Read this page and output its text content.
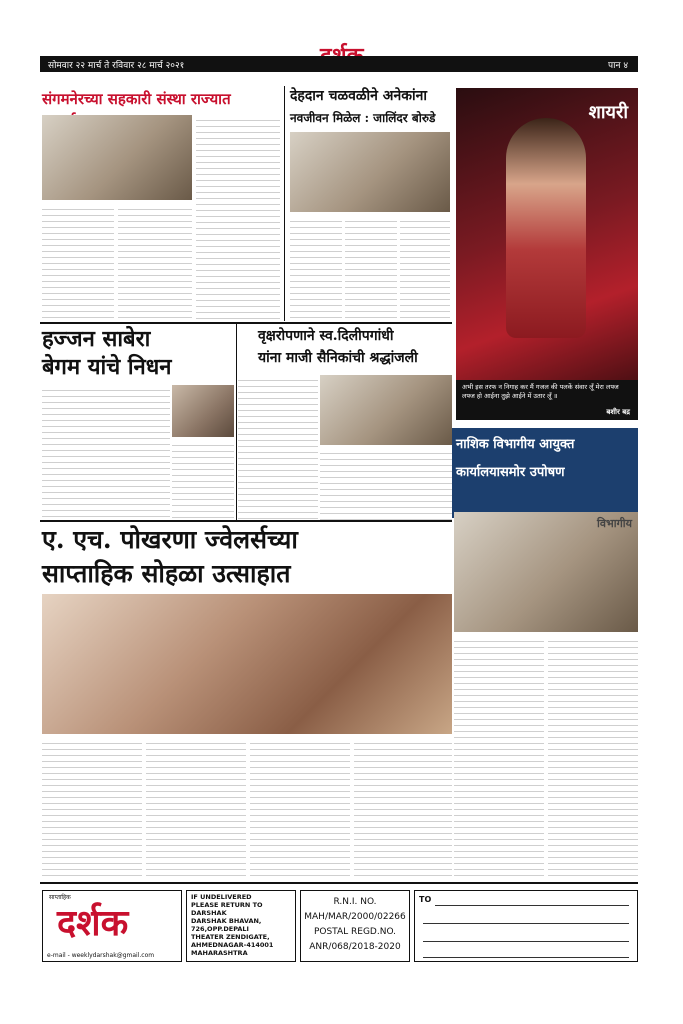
सोमवार २२ मार्च ते रविवार २८ मार्च २०२१	पान ४
संगमनेरच्या सहकारी संस्था राज्यात	देहदान चळवळीने अनेकांना
नवजीवन मिळेल : जालिंदर बोरुडे	शायरी
अभी इस तरफ न निगाह कर मैं गजल की पलकें संवार लूँ मेरा लफ्ज लफ्ज हो आईना तुझे आईने में उतार लूँ ॥
बशीर बद्र
हज्जन साबेरा
बेगम यांचे निधन
वृक्षरोपणाने स्व.दिलीपगांधी
यांना माजी सैनिकांची श्रद्धांजली
नाशिक विभागीय आयुक्त
कार्यालयासमोर उपोषण
विभागीय
ए. एच. पोखरणा ज्वेलर्सच्या
साप्ताहिक सोहळा उत्साहात
साप्ताहिक
दर्शक
e-mail - weeklydarshak@gmail.com
IF UNDELIVERED
PLEASE RETURN TO
DARSHAK
DARSHAK BHAVAN,
726,OPP.DEPALI
THEATER ZENDIGATE,
AHMEDNAGAR-414001
MAHARASHTRA
R.N.I. NO.
MAH/MAR/2000/02266
POSTAL REGD.NO.
ANR/068/2018-2020
TO
